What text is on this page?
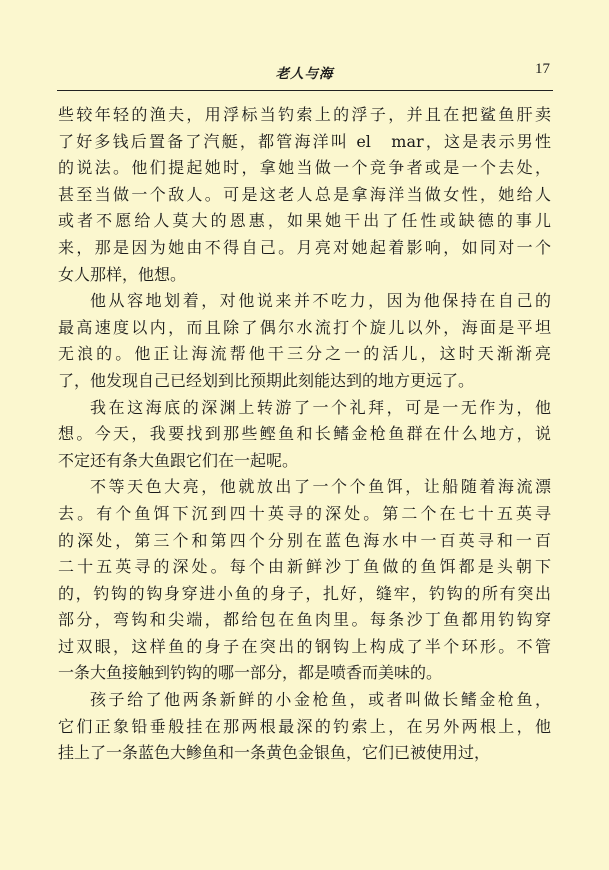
老人与海	17
些较年轻的渔夫，用浮标当钓索上的浮子，并且在把鲨鱼肝卖
了好多钱后置备了汽艇，都管海洋叫 el　mar，这是表示男性
的说法。他们提起她时，拿她当做一个竞争者或是一个去处，
甚至当做一个敌人。可是这老人总是拿海洋当做女性，她给人
或者不愿给人莫大的恩惠，如果她干出了任性或缺德的事儿
来，那是因为她由不得自己。月亮对她起着影响，如同对一个
女人那样，他想。
他从容地划着，对他说来并不吃力，因为他保持在自己的
最高速度以内，而且除了偶尔水流打个旋儿以外，海面是平坦
无浪的。他正让海流帮他干三分之一的活儿，这时天渐渐亮
了，他发现自己已经划到比预期此刻能达到的地方更远了。
我在这海底的深渊上转游了一个礼拜，可是一无作为，他
想。今天，我要找到那些鲣鱼和长鳍金枪鱼群在什么地方，说
不定还有条大鱼跟它们在一起呢。
不等天色大亮，他就放出了一个个鱼饵，让船随着海流漂
去。有个鱼饵下沉到四十英寻的深处。第二个在七十五英寻
的深处，第三个和第四个分别在蓝色海水中一百英寻和一百
二十五英寻的深处。每个由新鲜沙丁鱼做的鱼饵都是头朝下
的，钓钩的钩身穿进小鱼的身子，扎好，缝牢，钓钩的所有突出
部分，弯钩和尖端，都给包在鱼肉里。每条沙丁鱼都用钓钩穿
过双眼，这样鱼的身子在突出的钢钩上构成了半个环形。不管
一条大鱼接触到钓钩的哪一部分，都是喷香而美味的。
孩子给了他两条新鲜的小金枪鱼，或者叫做长鳍金枪鱼，
它们正象铅垂般挂在那两根最深的钓索上，在另外两根上，他
挂上了一条蓝色大鲹鱼和一条黄色金银鱼，它们已被使用过，
